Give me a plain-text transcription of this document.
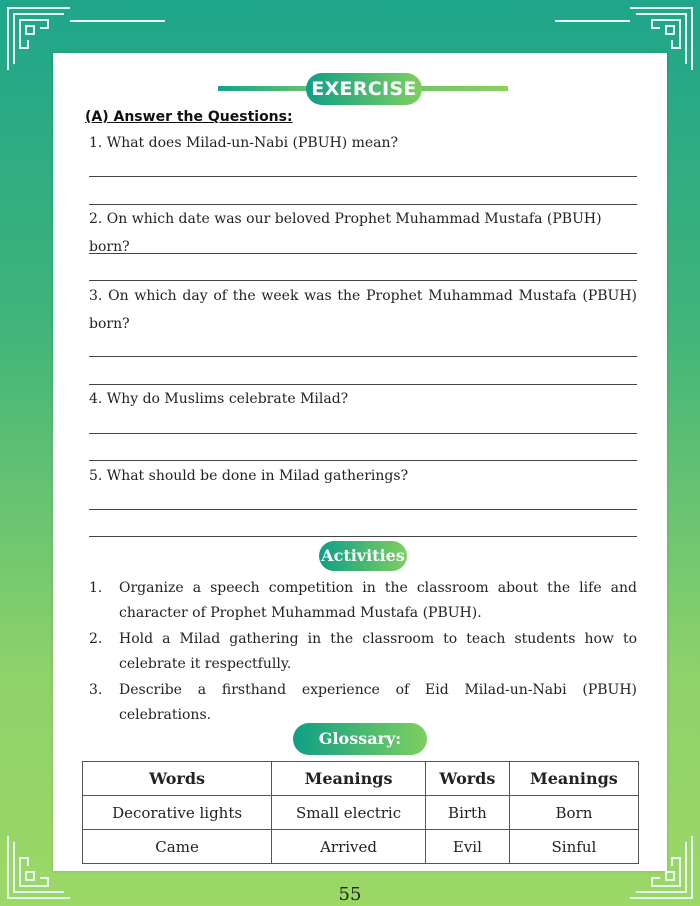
EXERCISE
(A) Answer the Questions:
1. What does Milad-un-Nabi (PBUH) mean?
2. On which date was our beloved Prophet Muhammad Mustafa (PBUH) born?
3. On which day of the week was the Prophet Muhammad Mustafa (PBUH)
born?
4. Why do Muslims celebrate Milad?
5. What should be done in Milad gatherings?
Activities
1. Organize a speech competition in the classroom about the life and character of Prophet Muhammad Mustafa (PBUH).
2. Hold a Milad gathering in the classroom to teach students how to celebrate it respectfully.
3. Describe a firsthand experience of Eid Milad-un-Nabi (PBUH) celebrations.
Glossary:
Words	Meanings	Words	Meanings
Decorative lights	Small electric	Birth	Born
Came	Arrived	Evil	Sinful
55
